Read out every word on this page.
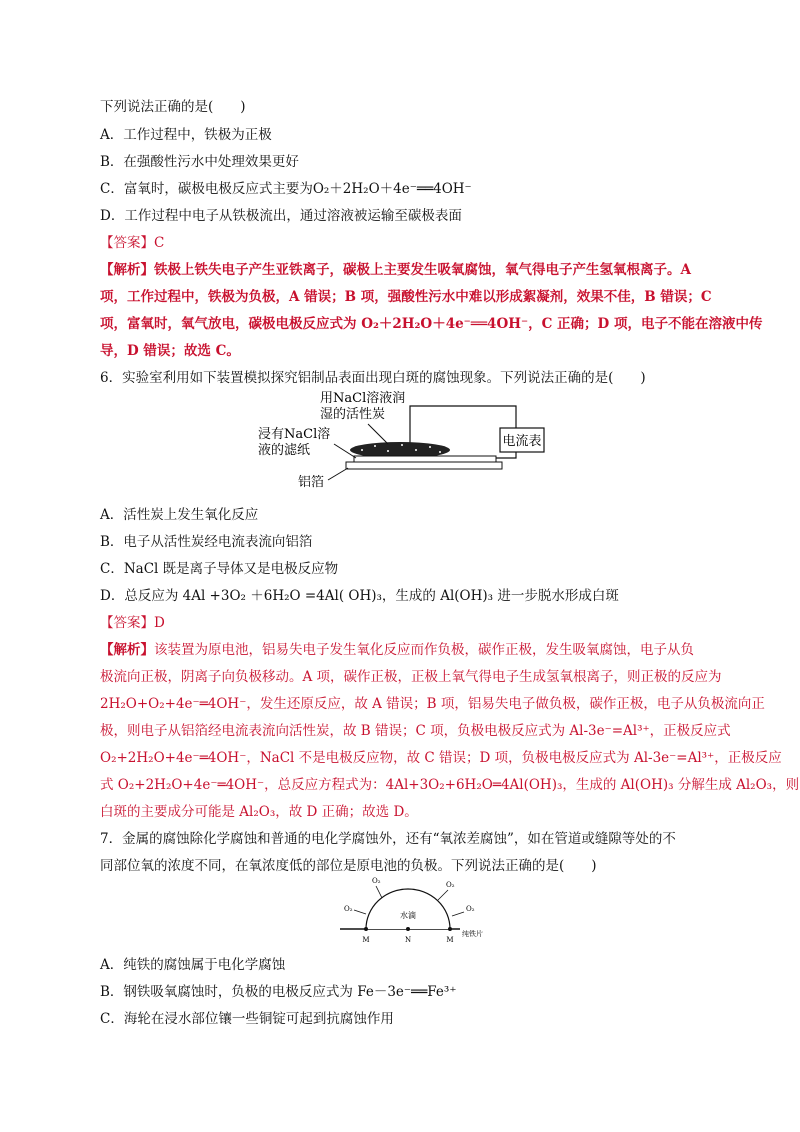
下列说法正确的是(　　)
A．工作过程中，铁极为正极
B．在强酸性污水中处理效果更好
C．富氧时，碳极电极反应式主要为O₂＋2H₂O＋4e⁻══4OH⁻
D．工作过程中电子从铁极流出，通过溶液被运输至碳极表面
【答案】C
【解析】铁极上铁失电子产生亚铁离子，碳极上主要发生吸氧腐蚀，氧气得电子产生氢氧根离子。A
项，工作过程中，铁极为负极，A 错误；B 项，强酸性污水中难以形成絮凝剂，效果不佳，B 错误；C
项，富氧时，氧气放电，碳极电极反应式为 O₂＋2H₂O＋4e⁻══4OH⁻，C 正确；D 项，电子不能在溶液中传
导，D 错误；故选 C。
6．实验室利用如下装置模拟探究铝制品表面出现白斑的腐蚀现象。下列说法正确的是(　　)
电流表
用NaCl溶液润
湿的活性炭
浸有NaCl溶
液的滤纸
铝箔
A．活性炭上发生氧化反应
B．电子从活性炭经电流表流向铝箔
C．NaCl 既是离子导体又是电极反应物
D．总反应为 4Al +3O₂ ＋6H₂O =4Al( OH)₃，生成的 Al(OH)₃ 进一步脱水形成白斑
【答案】D
【解析】该装置为原电池，铝易失电子发生氧化反应而作负极，碳作正极，发生吸氧腐蚀，电子从负
极流向正极，阴离子向负极移动。A 项，碳作正极，正极上氧气得电子生成氢氧根离子，则正极的反应为
2H₂O+O₂+4e⁻═4OH⁻，发生还原反应，故 A 错误；B 项，铝易失电子做负极，碳作正极，电子从负极流向正
极，则电子从铝箔经电流表流向活性炭，故 B 错误；C 项，负极电极反应式为 Al-3e⁻=Al³⁺，正极反应式
O₂+2H₂O+4e⁻═4OH⁻，NaCl 不是电极反应物，故 C 错误；D 项，负极电极反应式为 Al-3e⁻=Al³⁺，正极反应
式 O₂+2H₂O+4e⁻═4OH⁻，总反应方程式为：4Al+3O₂+6H₂O═4Al(OH)₃，生成的 Al(OH)₃ 分解生成 Al₂O₃，则
白斑的主要成分可能是 Al₂O₃，故 D 正确；故选 D。
7．金属的腐蚀除化学腐蚀和普通的电化学腐蚀外，还有“氧浓差腐蚀”，如在管道或缝隙等处的不
同部位氧的浓度不同，在氧浓度低的部位是原电池的负极。下列说法正确的是(　　)
水滴
O₂
O₂	O₂
O₂
M	N	M
纯铁片
A．纯铁的腐蚀属于电化学腐蚀
B．钢铁吸氧腐蚀时，负极的电极反应式为 Fe－3e⁻══Fe³⁺
C．海轮在浸水部位镶一些铜锭可起到抗腐蚀作用
